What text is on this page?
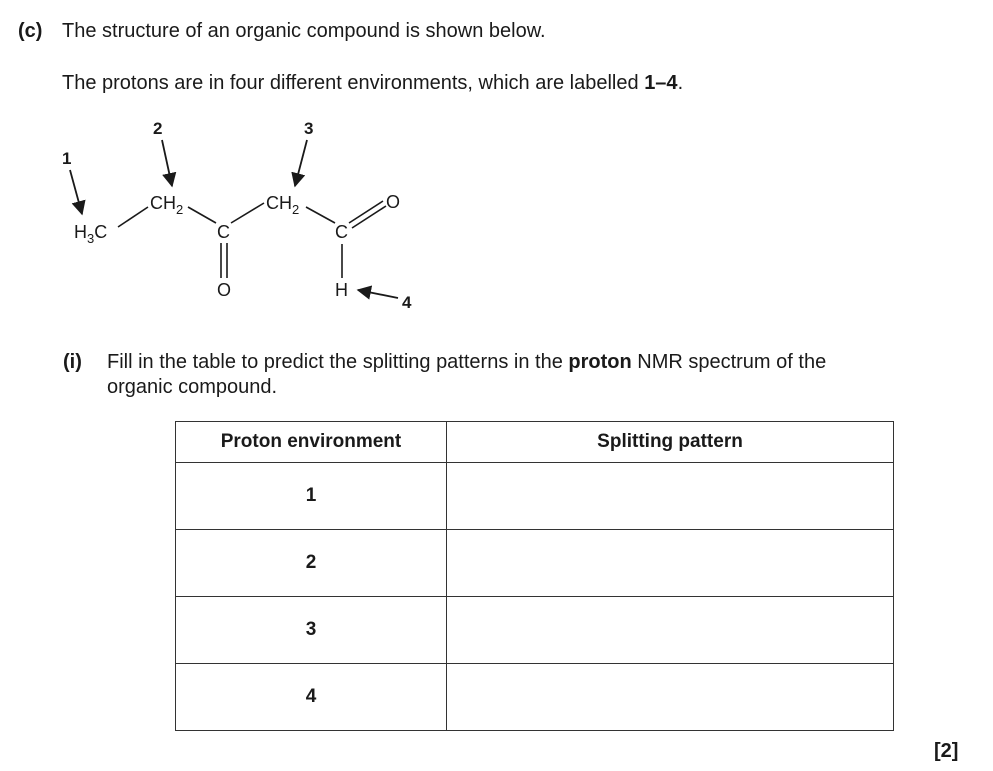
(c) The structure of an organic compound is shown below.
The protons are in four different environments, which are labelled 1–4.
$H_3C$
$CH_2$
C
O
$CH_2$
C
O
H
1
2	3
4
(i) Fill in the table to predict the splitting patterns in the proton NMR spectrum of the
organic compound.
Proton environment	Splitting pattern
1	
2	
3	
4	
[2]
